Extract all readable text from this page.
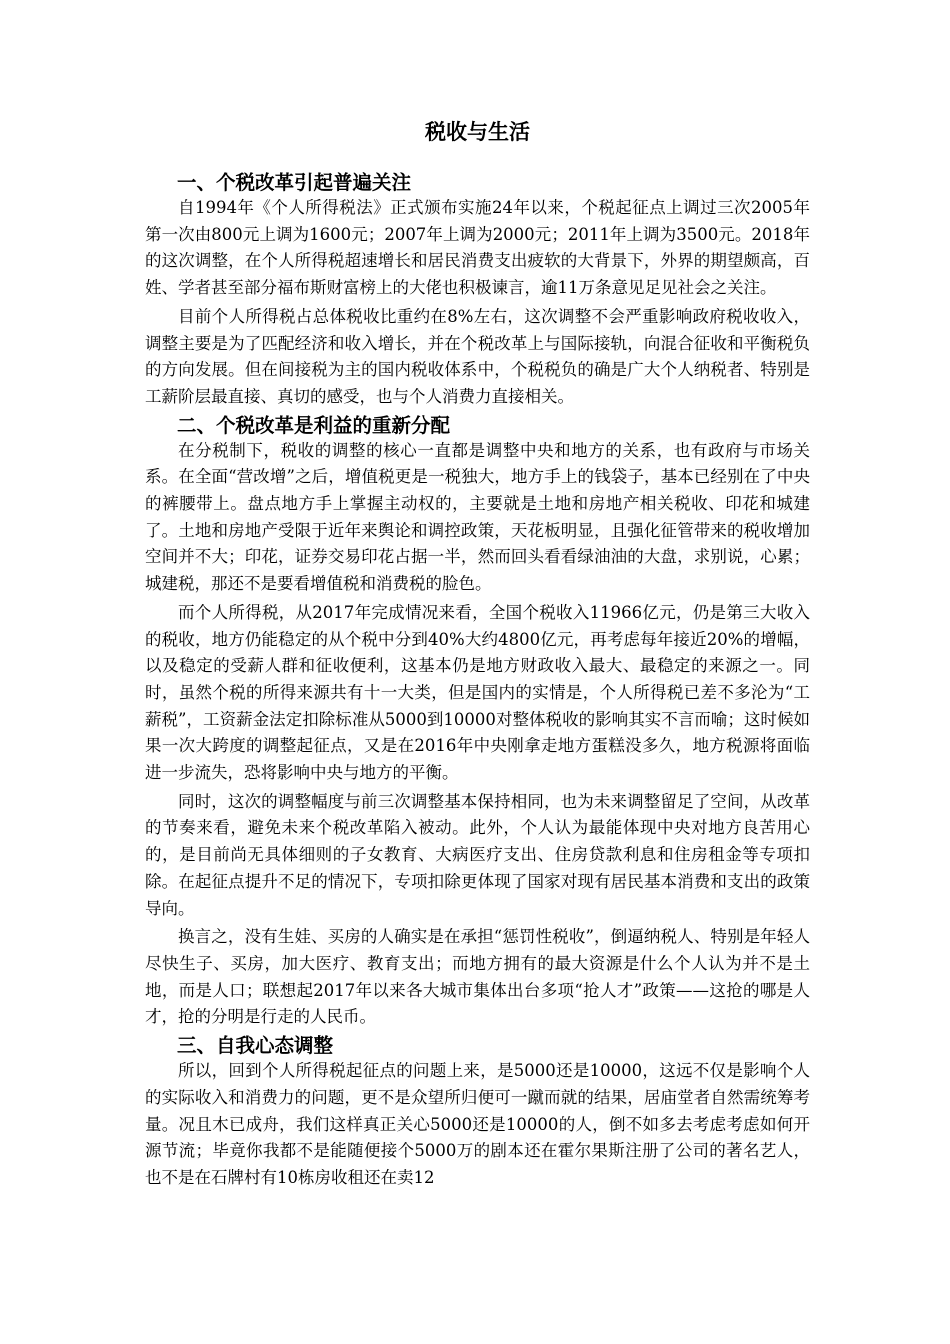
税收与生活
一、个税改革引起普遍关注

自1994年《个人所得税法》正式颁布实施24年以来，个税起征点上调过三次2005年第一次由800元上调为1600元；2007年上调为2000元；2011年上调为3500元。2018年的这次调整，在个人所得税超速增长和居民消费支出疲软的大背景下，外界的期望颇高，百姓、学者甚至部分福布斯财富榜上的大佬也积极谏言，逾11万条意见足见社会之关注。

目前个人所得税占总体税收比重约在8%左右，这次调整不会严重影响政府税收收入，调整主要是为了匹配经济和收入增长，并在个税改革上与国际接轨，向混合征收和平衡税负的方向发展。但在间接税为主的国内税收体系中，个税税负的确是广大个人纳税者、特别是工薪阶层最直接、真切的感受，也与个人消费力直接相关。

二、个税改革是利益的重新分配

在分税制下，税收的调整的核心一直都是调整中央和地方的关系，也有政府与市场关系。在全面“营改增”之后，增值税更是一税独大，地方手上的钱袋子，基本已经别在了中央的裤腰带上。盘点地方手上掌握主动权的，主要就是土地和房地产相关税收、印花和城建了。土地和房地产受限于近年来舆论和调控政策，天花板明显，且强化征管带来的税收增加空间并不大；印花，证券交易印花占据一半，然而回头看看绿油油的大盘，求别说，心累；城建税，那还不是要看增值税和消费税的脸色。

而个人所得税，从2017年完成情况来看，全国个税收入11966亿元，仍是第三大收入的税收，地方仍能稳定的从个税中分到40%大约4800亿元，再考虑每年接近20%的增幅，以及稳定的受薪人群和征收便利，这基本仍是地方财政收入最大、最稳定的来源之一。同时，虽然个税的所得来源共有十一大类，但是国内的实情是，个人所得税已差不多沦为“工薪税”，工资薪金法定扣除标准从5000到10000对整体税收的影响其实不言而喻；这时候如果一次大跨度的调整起征点，又是在2016年中央刚拿走地方蛋糕没多久，地方税源将面临进一步流失，恐将影响中央与地方的平衡。

同时，这次的调整幅度与前三次调整基本保持相同，也为未来调整留足了空间，从改革的节奏来看，避免未来个税改革陷入被动。此外，个人认为最能体现中央对地方良苦用心的，是目前尚无具体细则的子女教育、大病医疗支出、住房贷款利息和住房租金等专项扣除。在起征点提升不足的情况下，专项扣除更体现了国家对现有居民基本消费和支出的政策导向。

换言之，没有生娃、买房的人确实是在承担“惩罚性税收”，倒逼纳税人、特别是年轻人尽快生子、买房，加大医疗、教育支出；而地方拥有的最大资源是什么个人认为并不是土地，而是人口；联想起2017年以来各大城市集体出台多项“抢人才”政策——这抢的哪是人才，抢的分明是行走的人民币。

三、自我心态调整

所以，回到个人所得税起征点的问题上来，是5000还是10000，这远不仅是影响个人的实际收入和消费力的问题，更不是众望所归便可一蹴而就的结果，居庙堂者自然需统筹考量。况且木已成舟，我们这样真正关心5000还是10000的人，倒不如多去考虑考虑如何开源节流；毕竟你我都不是能随便接个5000万的剧本还在霍尔果斯注册了公司的著名艺人，也不是在石牌村有10栋房收租还在卖12
